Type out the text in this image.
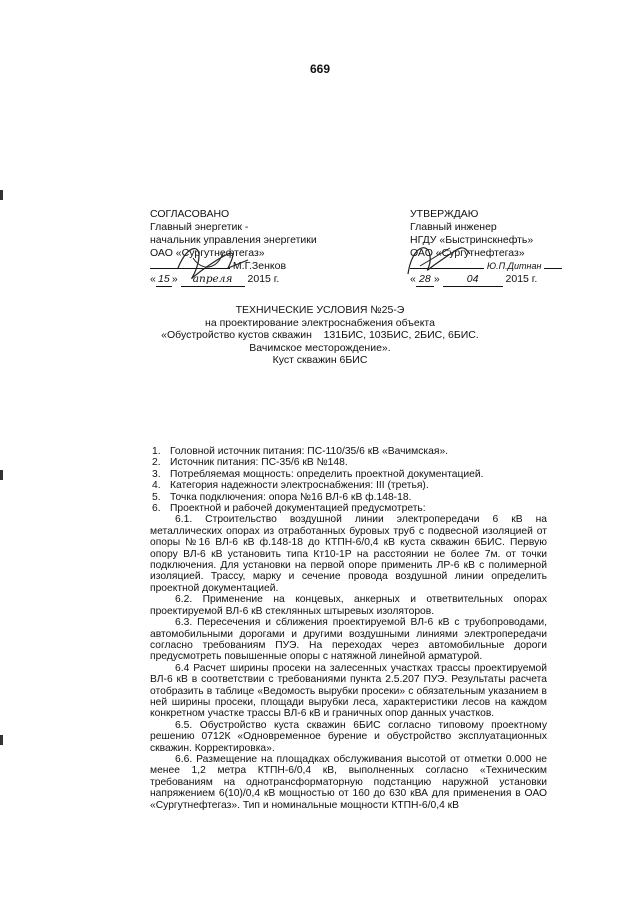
669
СОГЛАСОВАНО
Главный энергетик -
начальник управления энергетики
ОАО «Сургутнефтегаз»
М.Г.Зенков
« 15 » апреля 2015 г.
УТВЕРЖДАЮ
Главный инженер
НГДУ «Быстринскнефть»
ОАО «Сургутнефтегаз»
Ю.П.Дитнан
« 28 »	04	2015 г.
ТЕХНИЧЕСКИЕ УСЛОВИЯ №25-Э
на проектирование электроснабжения объекта
«Обустройство кустов скважин    131БИС, 103БИС, 2БИС, 6БИС.
Вачимское месторождение».
Куст скважин 6БИС
1. Головной источник питания: ПС-110/35/6 кВ «Вачимская».
2. Источник питания: ПС-35/6 кВ №148.
3. Потребляемая мощность: определить проектной документацией.
4. Категория надежности электроснабжения: III (третья).
5. Точка подключения: опора №16 ВЛ-6 кВ ф.148-18.
6. Проектной и рабочей документацией предусмотреть:

6.1. Строительство воздушной линии электропередачи 6 кВ на металлических опорах из отработанных буровых труб с подвесной изоляцией от опоры №16 ВЛ-6 кВ ф.148-18 до КТПН-6/0,4 кВ куста скважин 6БИС. Первую опору ВЛ-6 кВ установить типа Кт10-1Р на расстоянии не более 7м. от точки подключения. Для установки на первой опоре применить ЛР-6 кВ с полимерной изоляцией. Трассу, марку и сечение провода воздушной линии определить проектной документацией.

6.2. Применение на концевых, анкерных и ответвительных опорах проектируемой ВЛ-6 кВ стеклянных штыревых изоляторов.

6.3. Пересечения и сближения проектируемой ВЛ-6 кВ с трубопроводами, автомобильными дорогами и другими воздушными линиями электропередачи согласно требованиям ПУЭ. На переходах через автомобильные дороги предусмотреть повышенные опоры с натяжной линейной арматурой.

6.4 Расчет ширины просеки на залесенных участках трассы проектируемой ВЛ-6 кВ в соответствии с требованиями пункта 2.5.207 ПУЭ. Результаты расчета отобразить в таблице «Ведомость вырубки просеки» с обязательным указанием в ней ширины просеки, площади вырубки леса, характеристики лесов на каждом конкретном участке трассы ВЛ-6 кВ и граничных опор данных участков.

6.5. Обустройство куста скважин 6БИС согласно типовому проектному решению 0712К «Одновременное бурение и обустройство эксплуатационных скважин. Корректировка».

6.6. Размещение на площадках обслуживания высотой от отметки 0.000 не менее 1,2 метра КТПН-6/0,4 кВ, выполненных согласно «Техническим требованиям на однотрансформаторную подстанцию наружной установки напряжением 6(10)/0,4 кВ мощностью от 160 до 630 кВА для применения в ОАО «Сургутнефтегаз». Тип и номинальные мощности КТПН-6/0,4 кВ
